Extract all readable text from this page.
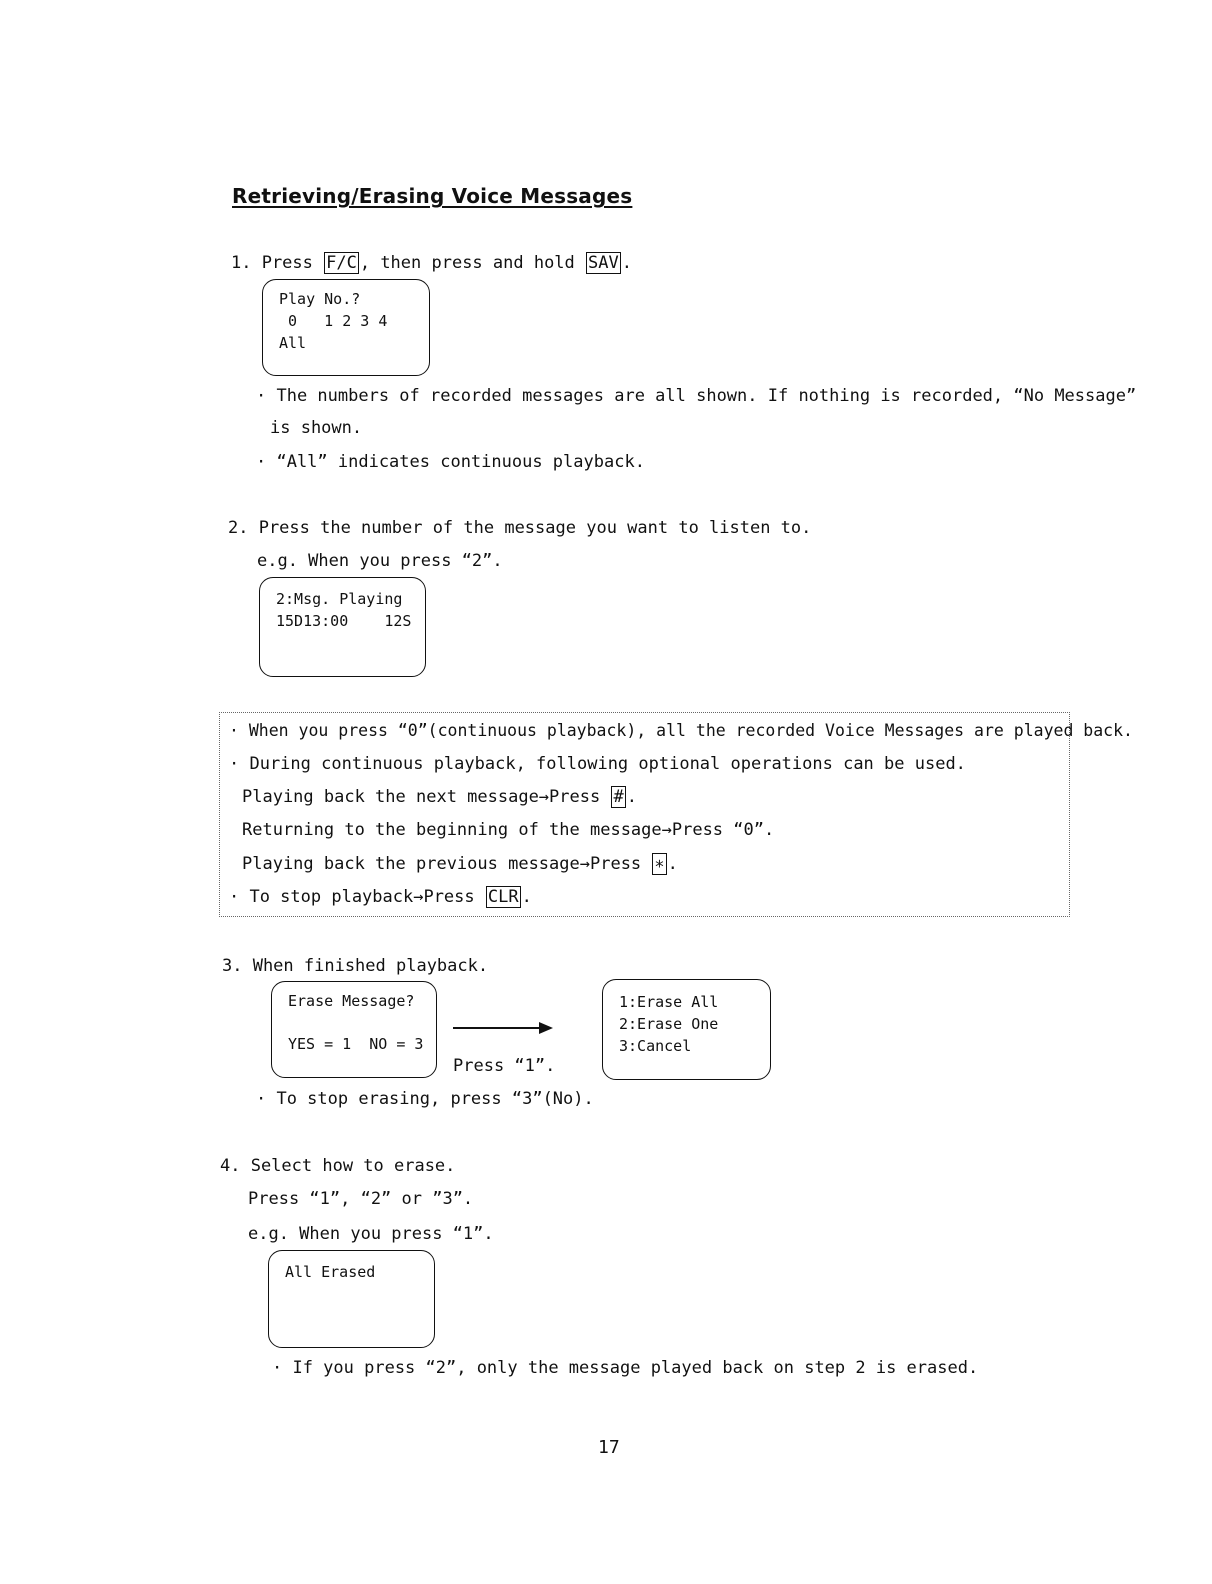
Retrieving/Erasing Voice Messages
1. Press F/C , then press and hold SAV .
Play No.?
0   1 2 3 4
All
· The numbers of recorded messages are all shown. If nothing is recorded, “No Message”
is shown.
· “All” indicates continuous playback.
2. Press the number of the message you want to listen to.
e.g. When you press “2”.
2:Msg. Playing
15D13:00    12S
· When you press “0”(continuous playback), all the recorded Voice Messages are played back.
· During continuous playback, following optional operations can be used.
Playing back the next message→Press # .
Returning to the beginning of the message→Press “0”.
Playing back the previous message→Press ∗ .
· To stop playback→Press CLR .
3. When finished playback.
Erase Message?
YES = 1  NO = 3
Press “1”.
1:Erase All
2:Erase One
3:Cancel
· To stop erasing, press “3”(No).
4. Select how to erase.
Press “1”, “2” or ”3”.
e.g. When you press “1”.
All Erased
· If you press “2”, only the message played back on step 2 is erased.
17
